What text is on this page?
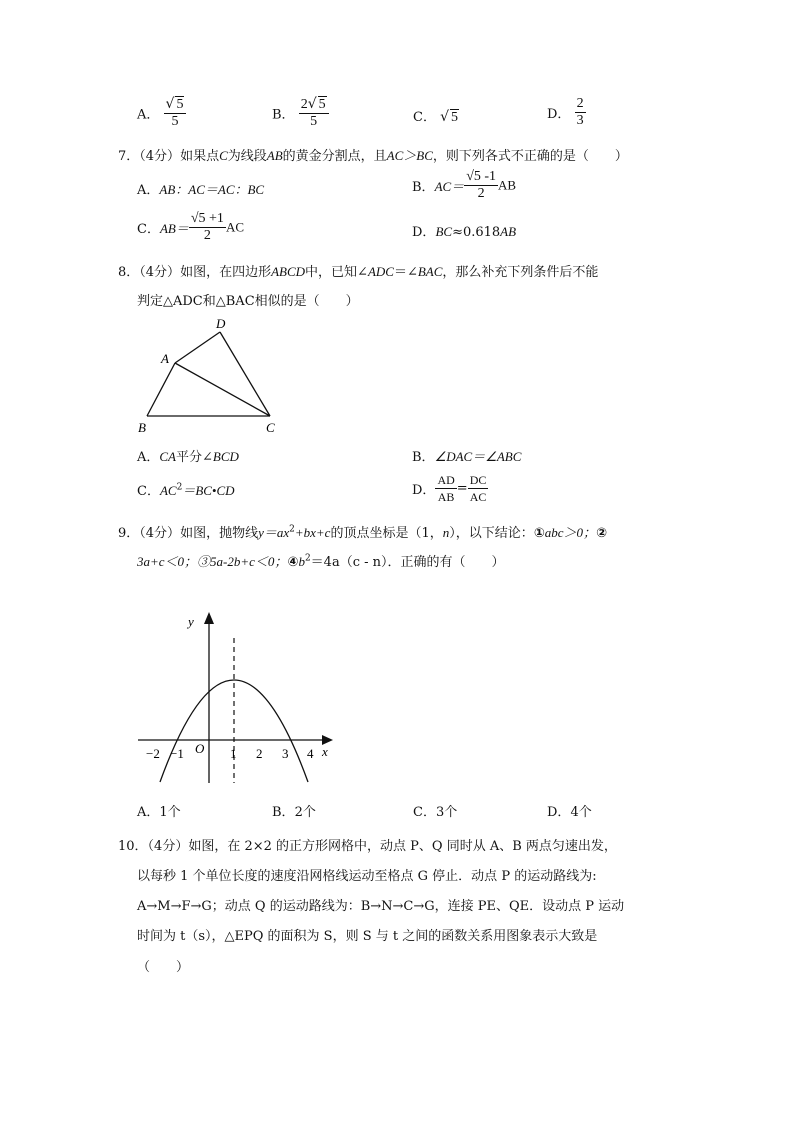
A． $\frac{√ 5}{5}$	B． $\frac{2√ 5}{5}$	C． √ 5	D． $\frac{2}{3}$
7．（4分）如果点C为线段AB的黄金分割点，且AC＞BC，则下列各式不正确的是（　　）
A．AB：AC＝AC：BC	B．$AC= \frac{√5 -1}{2}$ AB
C．$AB= \frac{√5 +1}{2}$ AC	D．BC≈0.618AB
8．（4分）如图，在四边形ABCD中，已知∠ADC＝∠BAC，那么补充下列条件后不能
判定△ADC和△BAC相似的是（　　）
D
A
B	C
A．CA平分∠BCD	B．∠DAC＝∠ABC
C．$AC^2=BC•CD$	D． $\frac{AD}{AB} = \frac{DC}{AC}$
9．（4分）如图，抛物线$y=ax^2+bx+c$的顶点坐标是（1，n），以下结论：①abc＞0；②
3a+c＜0；③5a-2b+c＜0；$④b^2=4a(c - n)$．正确的有（　　）
y
x
O
−2 −1	1 2 3 4
A．1个	B．2个	C．3个	D．4个
10．（4分）如图，在 2×2 的正方形网格中，动点 P、Q 同时从 A、B 两点匀速出发，
以每秒 1 个单位长度的速度沿网格线运动至格点 G 停止．动点 P 的运动路线为:
A→M→F→G；动点 Q 的运动路线为：B→N→C→G，连接 PE、QE．设动点 P 运动
时间为 t（s），△EPQ 的面积为 S，则 S 与 t 之间的函数关系用图象表示大致是
（　　）
